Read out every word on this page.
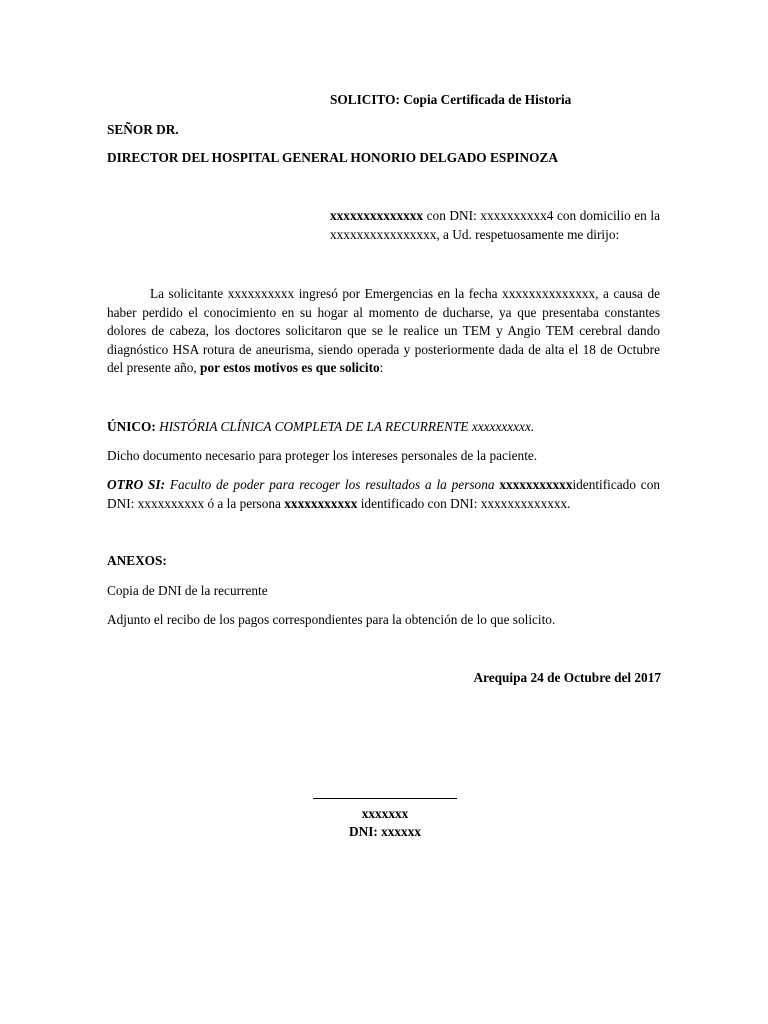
SOLICITO: Copia Certificada de Historia
SEÑOR DR.
DIRECTOR DEL HOSPITAL GENERAL HONORIO DELGADO ESPINOZA
xxxxxxxxxxxxxx con DNI: xxxxxxxxxx4 con domicilio en la xxxxxxxxxxxxxxxx, a Ud. respetuosamente me dirijo:
La solicitante xxxxxxxxxx ingresó por Emergencias en la fecha xxxxxxxxxxxxxx, a causa de haber perdido el conocimiento en su hogar al momento de ducharse, ya que presentaba constantes dolores de cabeza, los doctores solicitaron que se le realice un TEM y Angio TEM cerebral dando diagnóstico HSA rotura de aneurisma, siendo operada y posteriormente dada de alta el 18 de Octubre del presente año, por estos motivos es que solicito:
ÚNICO: HISTÓRIA CLÍNICA COMPLETA DE LA RECURRENTE xxxxxxxxxx.
Dicho documento necesario para proteger los intereses personales de la paciente.
OTRO SI: Faculto de poder para recoger los resultados a la persona xxxxxxxxxxxidentificado con DNI: xxxxxxxxxx ó a la persona xxxxxxxxxxx identificado con DNI: xxxxxxxxxxxxx.
ANEXOS:
Copia de DNI de la recurrente
Adjunto el recibo de los pagos correspondientes para la obtención de lo que solicito.
Arequipa 24 de Octubre del 2017
xxxxxxx
DNI: xxxxxx
